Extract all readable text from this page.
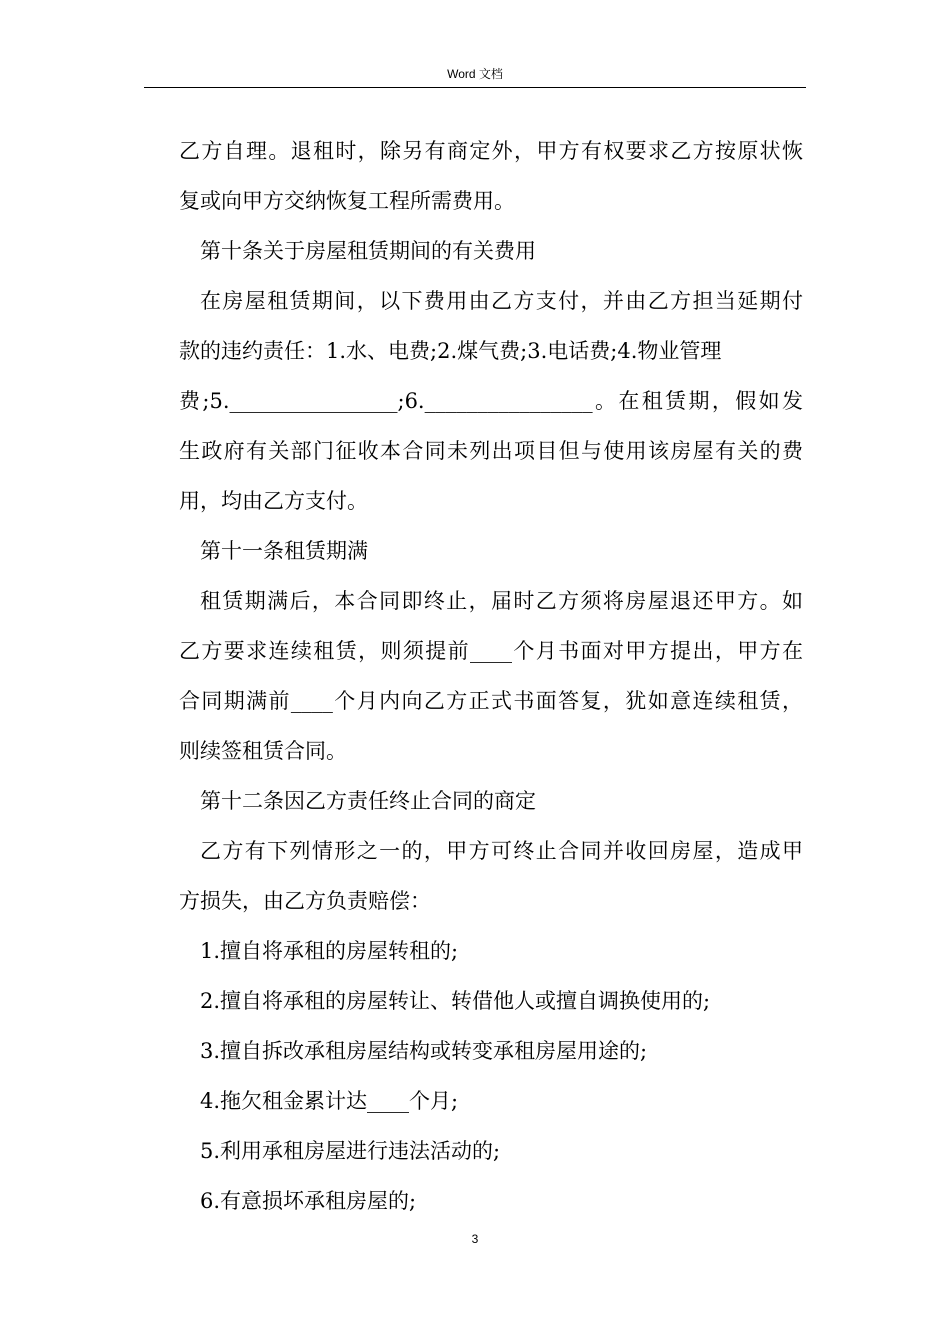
Word 文档
乙方自理。退租时，除另有商定外，甲方有权要求乙方按原状恢
复或向甲方交纳恢复工程所需费用。
第十条关于房屋租赁期间的有关费用
在房屋租赁期间，以下费用由乙方支付，并由乙方担当延期付
款的违约责任：1.水、电费;2.煤气费;3.电话费;4.物业管理
费;5.________________;6.________________。在租赁期，假如发
生政府有关部门征收本合同未列出项目但与使用该房屋有关的费
用，均由乙方支付。
第十一条租赁期满
租赁期满后，本合同即终止，届时乙方须将房屋退还甲方。如
乙方要求连续租赁，则须提前____个月书面对甲方提出，甲方在
合同期满前____个月内向乙方正式书面答复，犹如意连续租赁，
则续签租赁合同。
第十二条因乙方责任终止合同的商定
乙方有下列情形之一的，甲方可终止合同并收回房屋，造成甲
方损失，由乙方负责赔偿：
1.擅自将承租的房屋转租的;
2.擅自将承租的房屋转让、转借他人或擅自调换使用的;
3.擅自拆改承租房屋结构或转变承租房屋用途的;
4.拖欠租金累计达____个月;
5.利用承租房屋进行违法活动的;
6.有意损坏承租房屋的;
3
